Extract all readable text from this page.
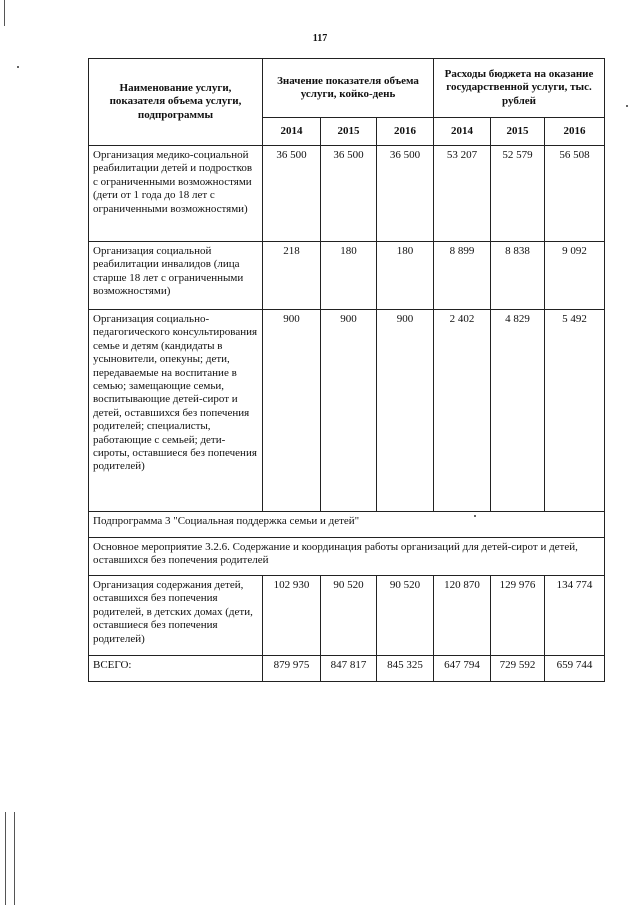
117
Наименование услуги, показателя объема услуги, подпрограммы	Значение показателя объема услуги, койко-день			Расходы бюджета на оказание государственной услуги, тыс. рублей		
	2014	2015	2016	2014	2015	2016
Организация медико-социальной реабилитации детей и подростков с ограниченными возможностями (дети от 1 года до 18 лет с ограниченными возможностями)	36 500	36 500	36 500	53 207	52 579	56 508
Организация социальной реабилитации инвалидов (лица старше 18 лет с ограниченными возможностями)	218	180	180	8 899	8 838	9 092
Организация социально-педагогического консультирования семье и детям (кандидаты в усыновители, опекуны; дети, передаваемые на воспитание в семью; замещающие семьи, воспитывающие детей-сирот и детей, оставшихся без попечения родителей; специалисты, работающие с семьей; дети-сироты, оставшиеся без попечения родителей)	900	900	900	2 402	4 829	5 492
Подпрограмма 3 "Социальная поддержка семьи и детей"						
Основное мероприятие 3.2.6. Содержание и координация работы организаций для детей-сирот и детей, оставшихся без попечения родителей						
Организация содержания детей, оставшихся без попечения родителей, в детских домах (дети, оставшиеся без попечения родителей)	102 930	90 520	90 520	120 870	129 976	134 774
ВСЕГО:	879 975	847 817	845 325	647 794	729 592	659 744
